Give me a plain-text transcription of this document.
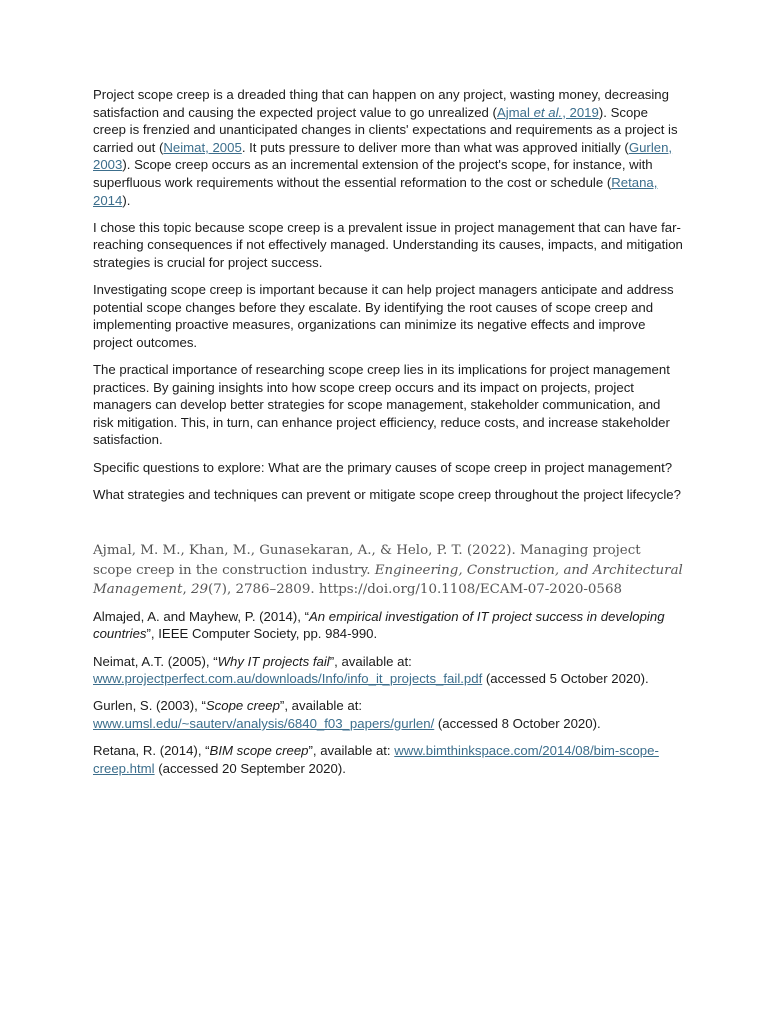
Project scope creep is a dreaded thing that can happen on any project, wasting money, decreasing satisfaction and causing the expected project value to go unrealized (Ajmal et al., 2019). Scope creep is frenzied and unanticipated changes in clients' expectations and requirements as a project is carried out (Neimat, 2005. It puts pressure to deliver more than what was approved initially (Gurlen, 2003). Scope creep occurs as an incremental extension of the project's scope, for instance, with superfluous work requirements without the essential reformation to the cost or schedule (Retana, 2014).

I chose this topic because scope creep is a prevalent issue in project management that can have far-reaching consequences if not effectively managed. Understanding its causes, impacts, and mitigation strategies is crucial for project success.

Investigating scope creep is important because it can help project managers anticipate and address potential scope changes before they escalate. By identifying the root causes of scope creep and implementing proactive measures, organizations can minimize its negative effects and improve project outcomes.

The practical importance of researching scope creep lies in its implications for project management practices. By gaining insights into how scope creep occurs and its impact on projects, project managers can develop better strategies for scope management, stakeholder communication, and risk mitigation. This, in turn, can enhance project efficiency, reduce costs, and increase stakeholder satisfaction.

Specific questions to explore: What are the primary causes of scope creep in project management?

What strategies and techniques can prevent or mitigate scope creep throughout the project lifecycle?

Ajmal, M. M., Khan, M., Gunasekaran, A., & Helo, P. T. (2022). Managing project scope creep in the construction industry. Engineering, Construction, and Architectural Management, 29(7), 2786–2809. https://doi.org/10.1108/ECAM-07-2020-0568

Almajed, A. and Mayhew, P. (2014), “An empirical investigation of IT project success in developing countries”, IEEE Computer Society, pp. 984-990.

Neimat, A.T. (2005), “Why IT projects fail”, available at: www.projectperfect.com.au/downloads/Info/info_it_projects_fail.pdf (accessed 5 October 2020).

Gurlen, S. (2003), “Scope creep”, available at: www.umsl.edu/~sauterv/analysis/6840_f03_papers/gurlen/ (accessed 8 October 2020).

Retana, R. (2014), “BIM scope creep”, available at: www.bimthinkspace.com/2014/08/bim-scope-creep.html (accessed 20 September 2020).
